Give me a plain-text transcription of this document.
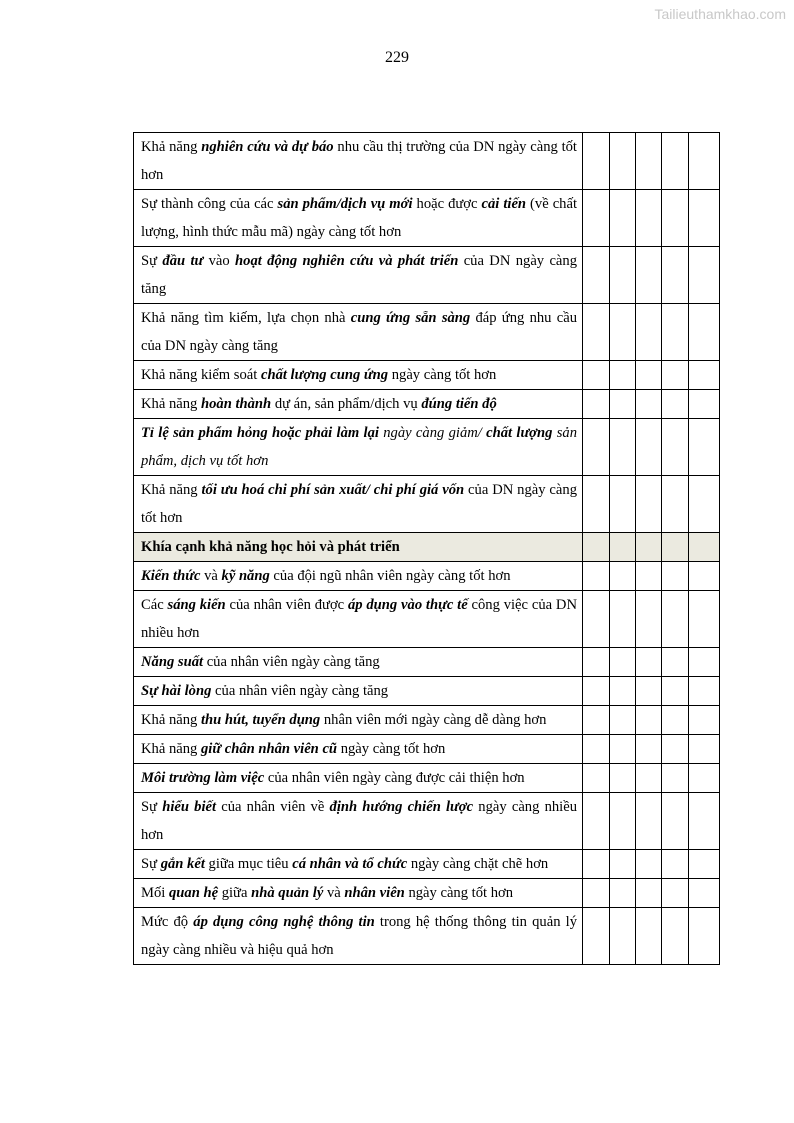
Tailieuthamkhao.com
229
Khả năng nghiên cứu và dự báo nhu cầu thị trường của DN ngày càng tốt hơn					
Sự thành công của các sản phẩm/dịch vụ mới hoặc được cải tiến (về chất lượng, hình thức mẫu mã) ngày càng tốt hơn					
Sự đầu tư vào hoạt động nghiên cứu và phát triển của DN ngày càng tăng					
Khả năng tìm kiếm, lựa chọn nhà cung ứng sẵn sàng đáp ứng nhu cầu của DN ngày càng tăng					
Khả năng kiểm soát chất lượng cung ứng ngày càng tốt hơn					
Khả năng hoàn thành dự án, sản phẩm/dịch vụ đúng tiến độ					
Tỉ lệ sản phẩm hỏng hoặc phải làm lại ngày càng giảm/ chất lượng sản phẩm, dịch vụ tốt hơn					
Khả năng tối ưu hoá chi phí sản xuất/ chi phí giá vốn của DN ngày càng tốt hơn					
Khía cạnh khả năng học hỏi và phát triển					
Kiến thức và kỹ năng của đội ngũ nhân viên ngày càng tốt hơn					
Các sáng kiến của nhân viên được áp dụng vào thực tế công việc của DN nhiều hơn					
Năng suất của nhân viên ngày càng tăng					
Sự hài lòng của nhân viên ngày càng tăng					
Khả năng thu hút, tuyển dụng nhân viên mới ngày càng dễ dàng hơn					
Khả năng giữ chân nhân viên cũ ngày càng tốt hơn					
Môi trường làm việc của nhân viên ngày càng được cải thiện hơn					
Sự hiểu biết của nhân viên về định hướng chiến lược ngày càng nhiều hơn					
Sự gắn kết giữa mục tiêu cá nhân và tổ chức ngày càng chặt chẽ hơn					
Mối quan hệ giữa nhà quản lý và nhân viên ngày càng tốt hơn					
Mức độ áp dụng công nghệ thông tin trong hệ thống thông tin quản lý ngày càng nhiều và hiệu quả hơn					
